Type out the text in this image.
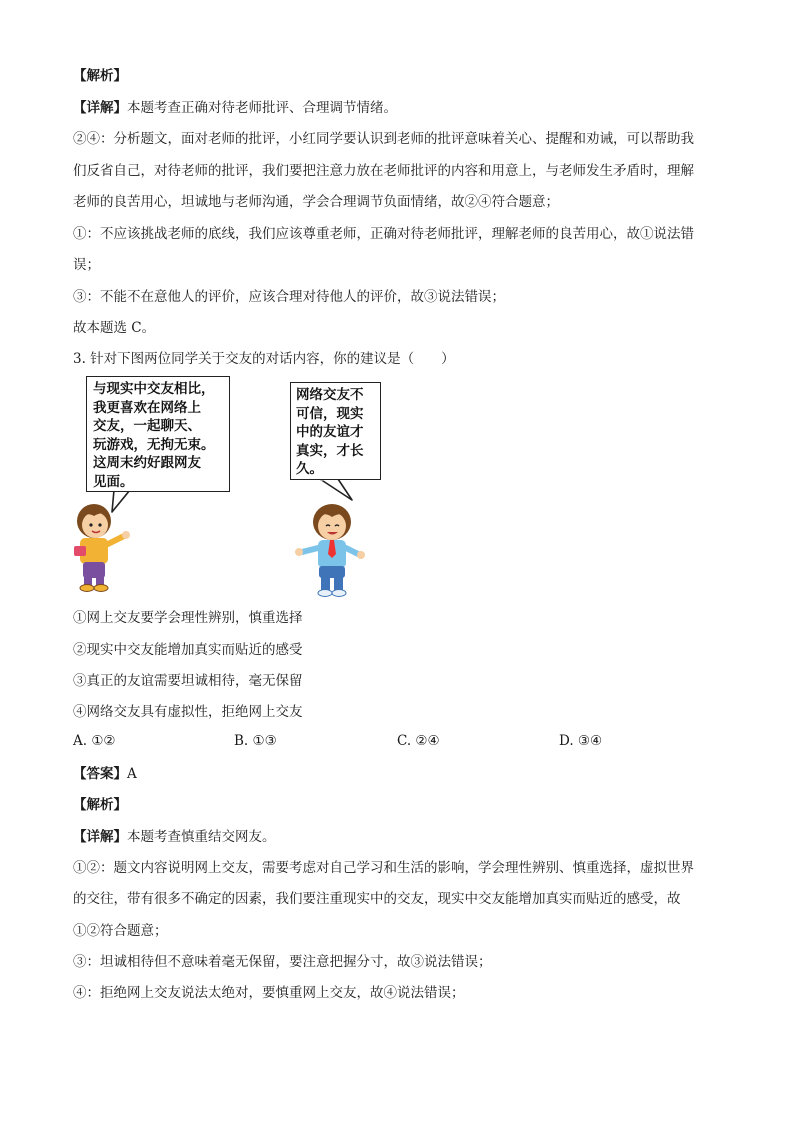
【解析】
【详解】本题考查正确对待老师批评、合理调节情绪。
②④：分析题文，面对老师的批评，小红同学要认识到老师的批评意味着关心、提醒和劝诫，可以帮助我
们反省自己，对待老师的批评，我们要把注意力放在老师批评的内容和用意上，与老师发生矛盾时，理解
老师的良苦用心，坦诚地与老师沟通，学会合理调节负面情绪，故②④符合题意；
①：不应该挑战老师的底线，我们应该尊重老师，正确对待老师批评，理解老师的良苦用心，故①说法错
误；
③：不能不在意他人的评价，应该合理对待他人的评价，故③说法错误；
故本题选 C。
3. 针对下图两位同学关于交友的对话内容，你的建议是（　　）
与现实中交友相比，
我更喜欢在网络上
交友，一起聊天、
玩游戏，无拘无束。
这周末约好跟网友
见面。
网络交友不
可信，现实
中的友谊才
真实，才长
久。
①网上交友要学会理性辨别，慎重选择
②现实中交友能增加真实而贴近的感受
③真正的友谊需要坦诚相待，毫无保留
④网络交友具有虚拟性，拒绝网上交友
A. ①②	B. ①③	C. ②④	D. ③④
【答案】A
【解析】
【详解】本题考查慎重结交网友。
①②：题文内容说明网上交友，需要考虑对自己学习和生活的影响，学会理性辨别、慎重选择，虚拟世界
的交往，带有很多不确定的因素，我们要注重现实中的交友，现实中交友能增加真实而贴近的感受，故
①②符合题意；
③：坦诚相待但不意味着毫无保留，要注意把握分寸，故③说法错误；
④：拒绝网上交友说法太绝对，要慎重网上交友，故④说法错误；
